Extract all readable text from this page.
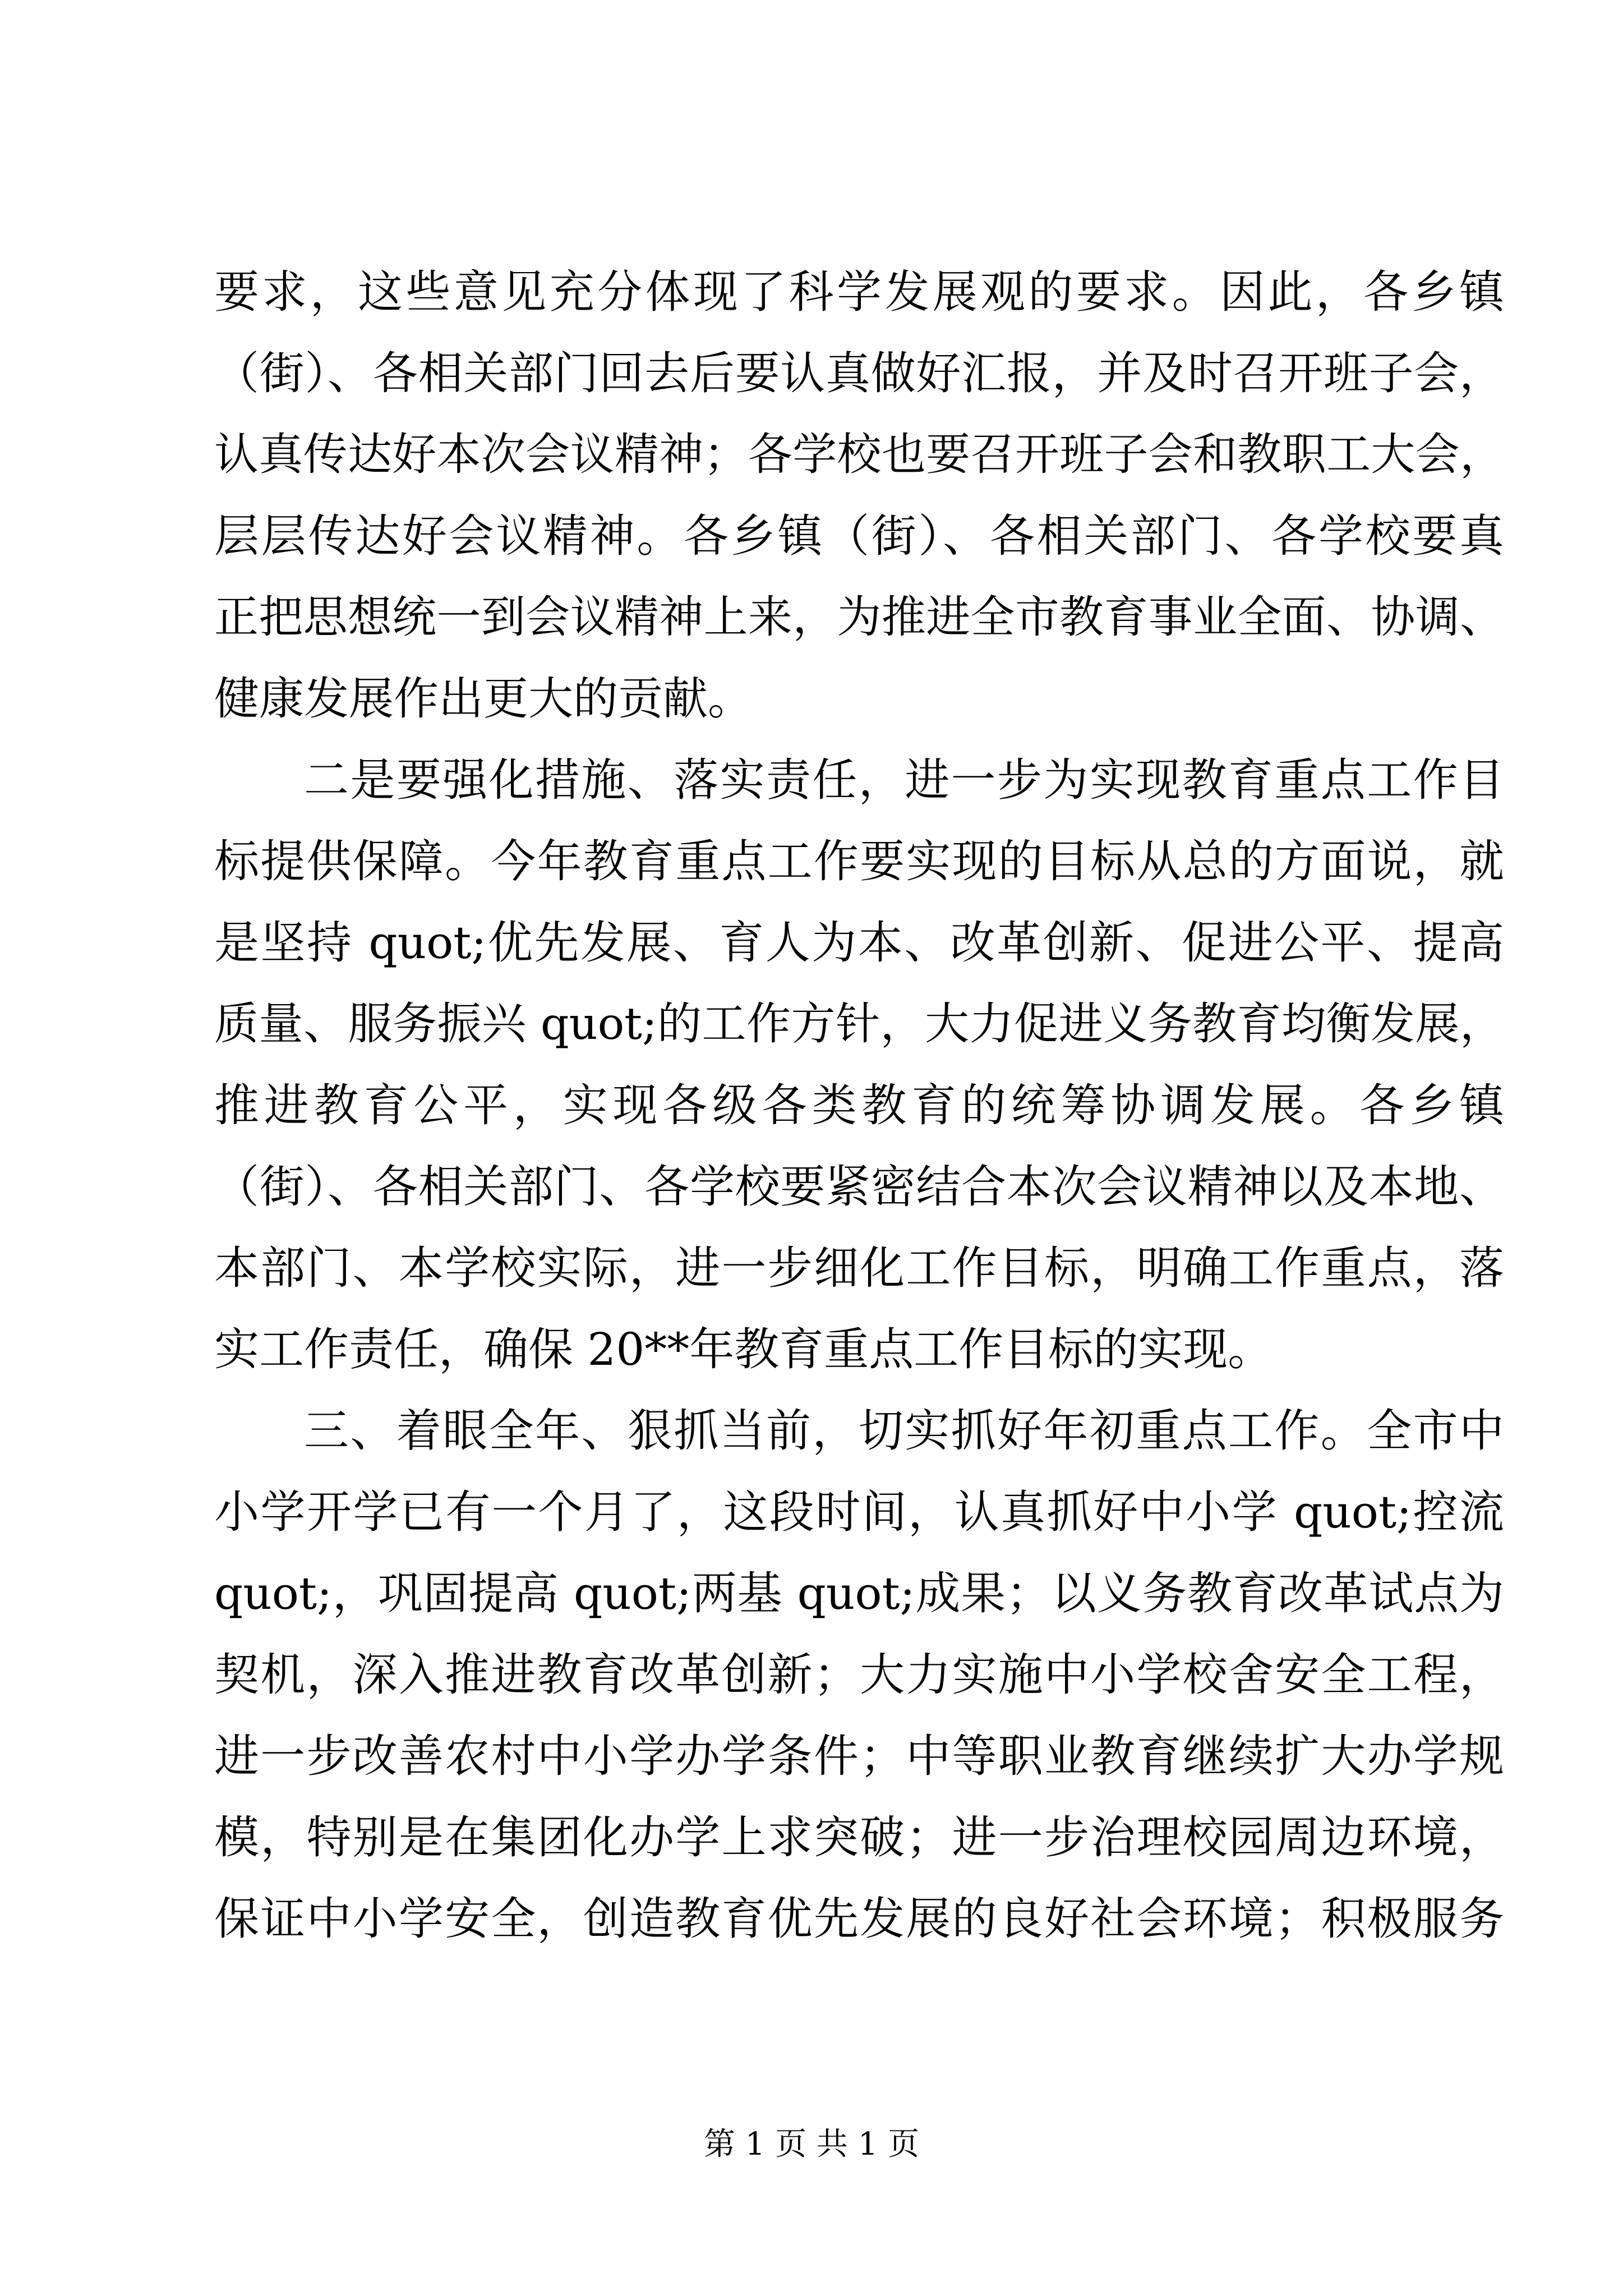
要求，这些意见充分体现了科学发展观的要求。因此，各乡镇
（街）、各相关部门回去后要认真做好汇报，并及时召开班子会，
认真传达好本次会议精神；各学校也要召开班子会和教职工大会，
层层传达好会议精神。各乡镇（街）、各相关部门、各学校要真
正把思想统一到会议精神上来，为推进全市教育事业全面、协调、
健康发展作出更大的贡献。
二是要强化措施、落实责任，进一步为实现教育重点工作目
标提供保障。今年教育重点工作要实现的目标从总的方面说，就
是坚持 quot;优先发展、育人为本、改革创新、促进公平、提高
质量、服务振兴 quot;的工作方针，大力促进义务教育均衡发展，
推进教育公平，实现各级各类教育的统筹协调发展。各乡镇
（街）、各相关部门、各学校要紧密结合本次会议精神以及本地、
本部门、本学校实际，进一步细化工作目标，明确工作重点，落
实工作责任，确保 20**年教育重点工作目标的实现。
三、着眼全年、狠抓当前，切实抓好年初重点工作。全市中
小学开学已有一个月了，这段时间，认真抓好中小学 quot;控流
quot;，巩固提高 quot;两基 quot;成果；以义务教育改革试点为
契机，深入推进教育改革创新；大力实施中小学校舍安全工程，
进一步改善农村中小学办学条件；中等职业教育继续扩大办学规
模，特别是在集团化办学上求突破；进一步治理校园周边环境，
保证中小学安全，创造教育优先发展的良好社会环境；积极服务
第 1 页 共 1 页
